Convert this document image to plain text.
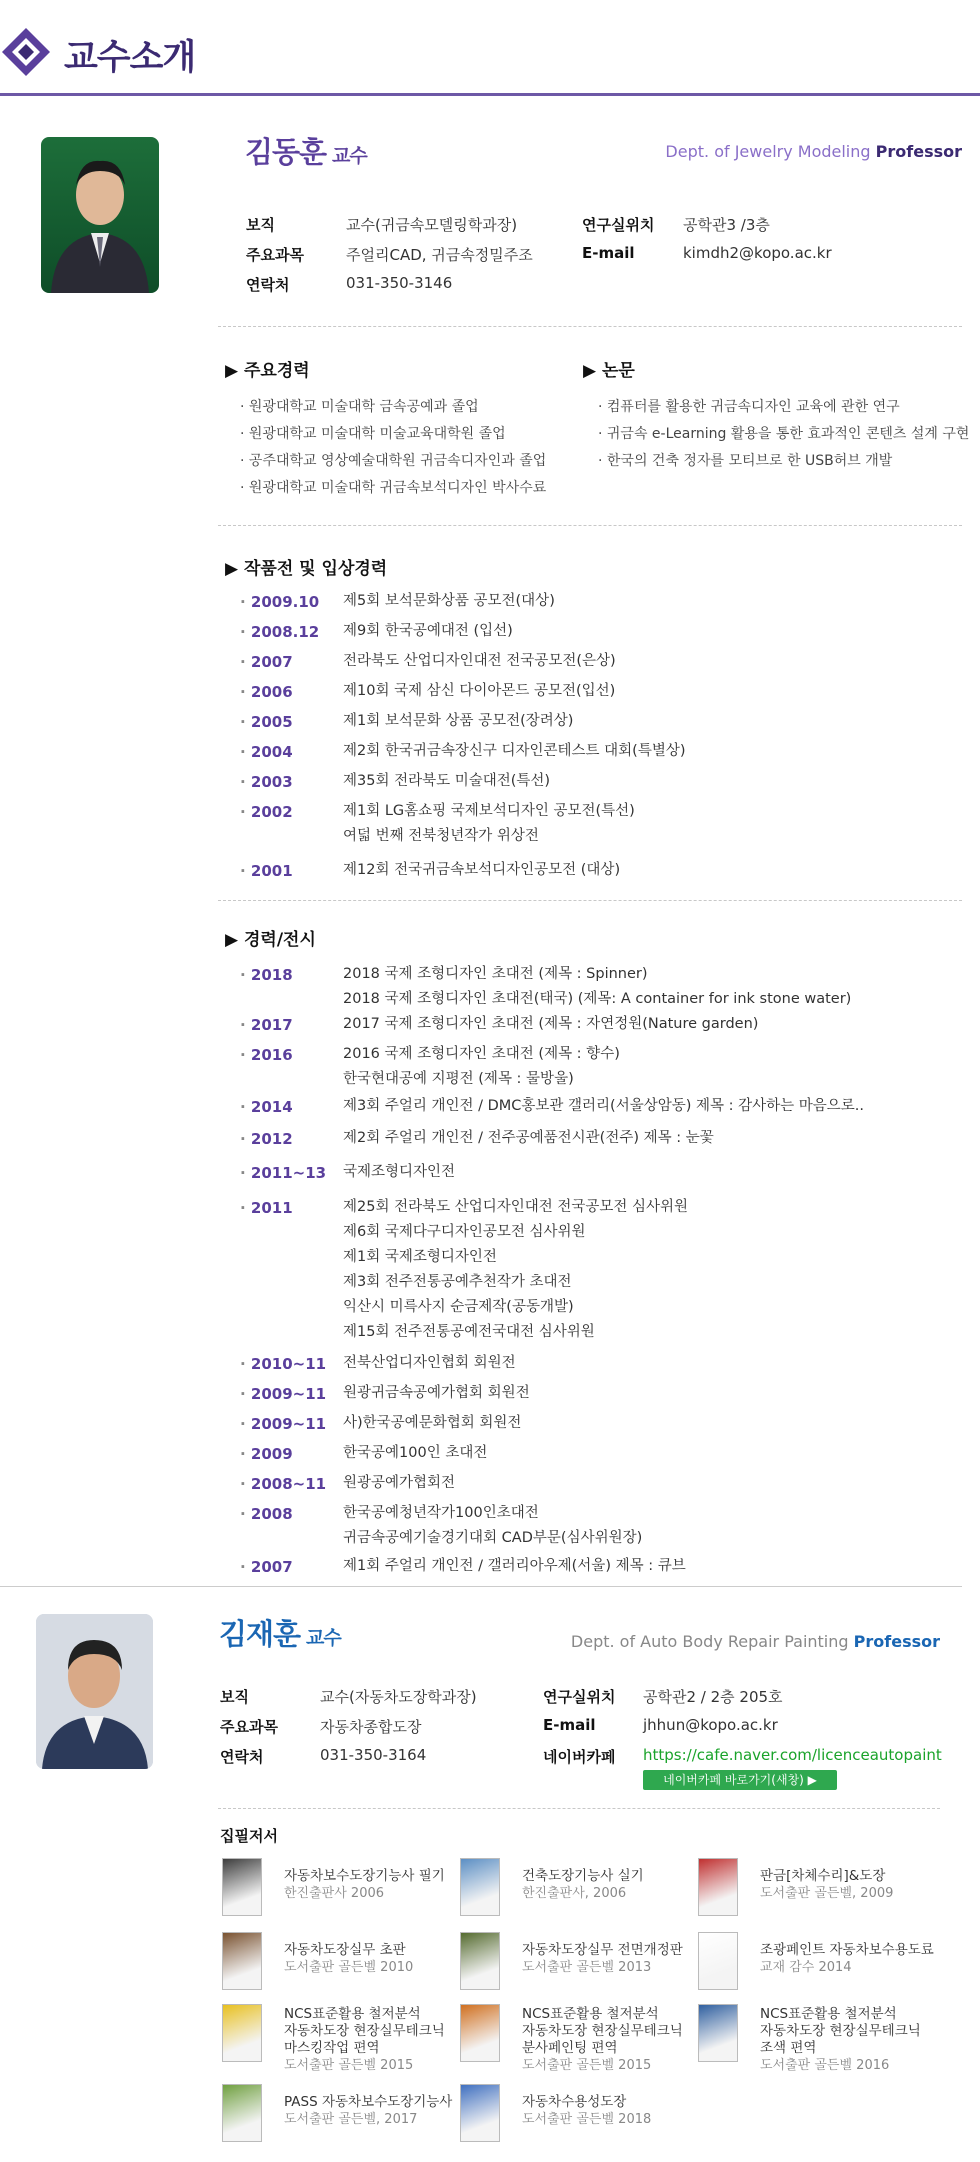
교수소개
김동훈 교수	Dept. of Jewelry Modeling Professor
보직	교수(귀금속모델링학과장)
주요과목	주얼리CAD, 귀금속정밀주조
연락처	031-350-3146
연구실위치 공학관3 /3층
E-mail	kimdh2@kopo.ac.kr
▶ 주요경력
· 원광대학교 미술대학 금속공예과 졸업
· 원광대학교 미술대학 미술교육대학원 졸업
· 공주대학교 영상예술대학원 귀금속디자인과 졸업
· 원광대학교 미술대학 귀금속보석디자인 박사수료
▶ 논문
· 컴퓨터를 활용한 귀금속디자인 교육에 관한 연구
· 귀금속 e-Learning 활용을 통한 효과적인 콘텐츠 설계 구현
· 한국의 건축 정자를 모티브로 한 USB허브 개발
▶ 작품전 및 입상경력
· 2009.10 제5회 보석문화상품 공모전(대상)
· 2008.12 제9회 한국공예대전 (입선)
· 2007	전라북도 산업디자인대전 전국공모전(은상)
· 2006	제10회 국제 삼신 다이아몬드 공모전(입선)
· 2005	제1회 보석문화 상품 공모전(장려상)
· 2004	제2회 한국귀금속장신구 디자인콘테스트 대회(특별상)
· 2003	제35회 전라북도 미술대전(특선)
· 2002	제1회 LG홈쇼핑 국제보석디자인 공모전(특선)
여덟 번째 전북청년작가 위상전
· 2001	제12회 전국귀금속보석디자인공모전 (대상)
▶ 경력/전시
· 2018	2018 국제 조형디자인 초대전 (제목 : Spinner)
2018 국제 조형디자인 초대전(태국) (제목: A container for ink stone water)
· 2017	2017 국제 조형디자인 초대전 (제목 : 자연정원(Nature garden)
· 2016	2016 국제 조형디자인 초대전 (제목 : 향수)
한국현대공예 지평전 (제목 : 물방울)
· 2014	제3회 주얼리 개인전 / DMC홍보관 갤러리(서울상암동) 제목 : 감사하는 마음으로..
· 2012	제2회 주얼리 개인전 / 전주공예품전시관(전주) 제목 : 눈꽃
· 2011~13 국제조형디자인전
· 2011	제25회 전라북도 산업디자인대전 전국공모전 심사위원
제6회 국제다구디자인공모전 심사위원
제1회 국제조형디자인전
제3회 전주전통공예추천작가 초대전
익산시 미륵사지 순금제작(공동개발)
제15회 전주전통공예전국대전 심사위원
· 2010~11 전북산업디자인협회 회원전
· 2009~11 원광귀금속공예가협회 회원전
· 2009~11 사)한국공예문화협회 회원전
· 2009	한국공예100인 초대전
· 2008~11 원광공예가협회전
· 2008	한국공예청년작가100인초대전
귀금속공예기술경기대회 CAD부문(심사위원장)
· 2007	제1회 주얼리 개인전 / 갤러리아우제(서울) 제목 : 큐브
김재훈 교수	Dept. of Auto Body Repair Painting Professor
보직	교수(자동차도장학과장)
주요과목	자동차종합도장
연락처	031-350-3164
연구실위치 공학관2 / 2층 205호
E-mail	jhhun@kopo.ac.kr
네이버카페 https://cafe.naver.com/licenceautopaint
네이버카페 바로가기(새창) ▶
집필저서
자동차보수도장기능사 필기
한진출판사 2006
건축도장기능사 실기
한진출판사, 2006
판금[차체수리]&도장
도서출판 골든벨, 2009
자동차도장실무 초판
도서출판 골든벨 2010
자동차도장실무 전면개정판
도서출판 골든벨 2013
조광페인트 자동차보수용도료
교재 감수 2014
NCS표준활용 철저분석
자동차도장 현장실무테크닉
마스킹작업 편역
도서출판 골든벨 2015
NCS표준활용 철저분석
자동차도장 현장실무테크닉
분사페인팅 편역
도서출판 골든벨 2015
NCS표준활용 철저분석
자동차도장 현장실무테크닉
조색 편역
도서출판 골든벨 2016
PASS 자동차보수도장기능사
도서출판 골든벨, 2017
자동차수용성도장
도서출판 골든벨 2018
